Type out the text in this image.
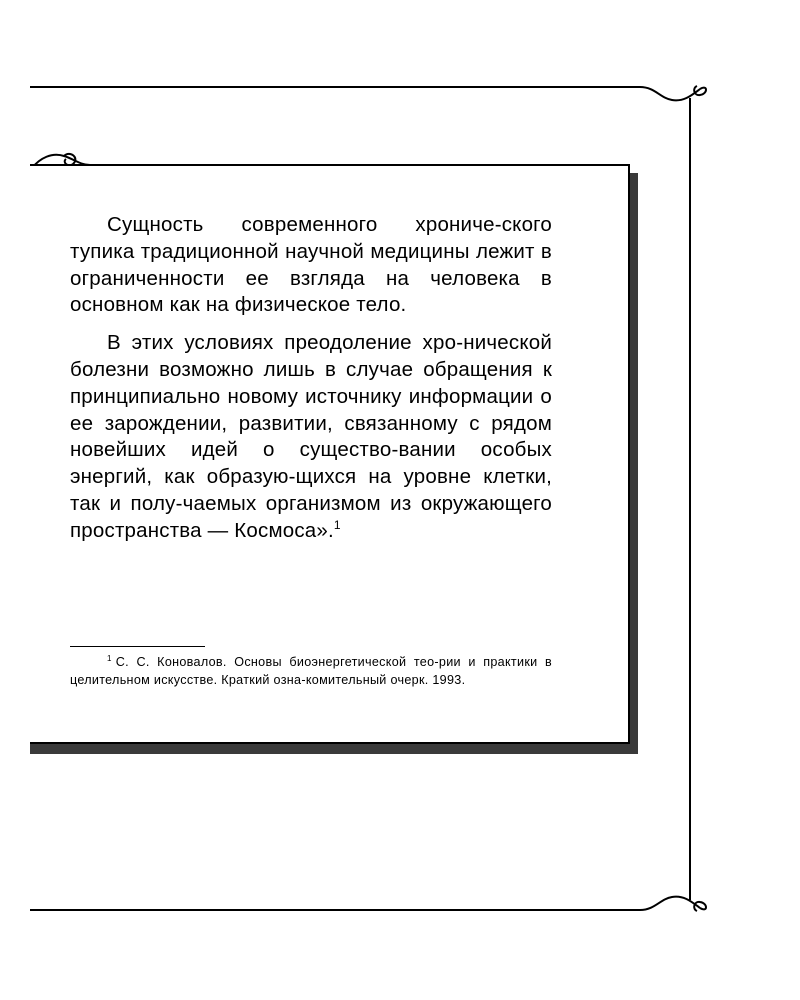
Сущность современного хрониче-ского тупика традиционной научной медицины лежит в ограниченности ее взгляда на человека в основном как на физическое тело.

В этих условиях преодоление хро-нической болезни возможно лишь в случае обращения к принципиально новому источнику информации о ее зарождении, развитии, связанному с рядом новейших идей о существо-вании особых энергий, как образую-щихся на уровне клетки, так и полу-чаемых организмом из окружающего пространства — Космоса».$^1$

$^1$ С. С. Коновалов. Основы биоэнергетической тео-рии и практики в целительном искусстве. Краткий озна-комительный очерк. 1993.
